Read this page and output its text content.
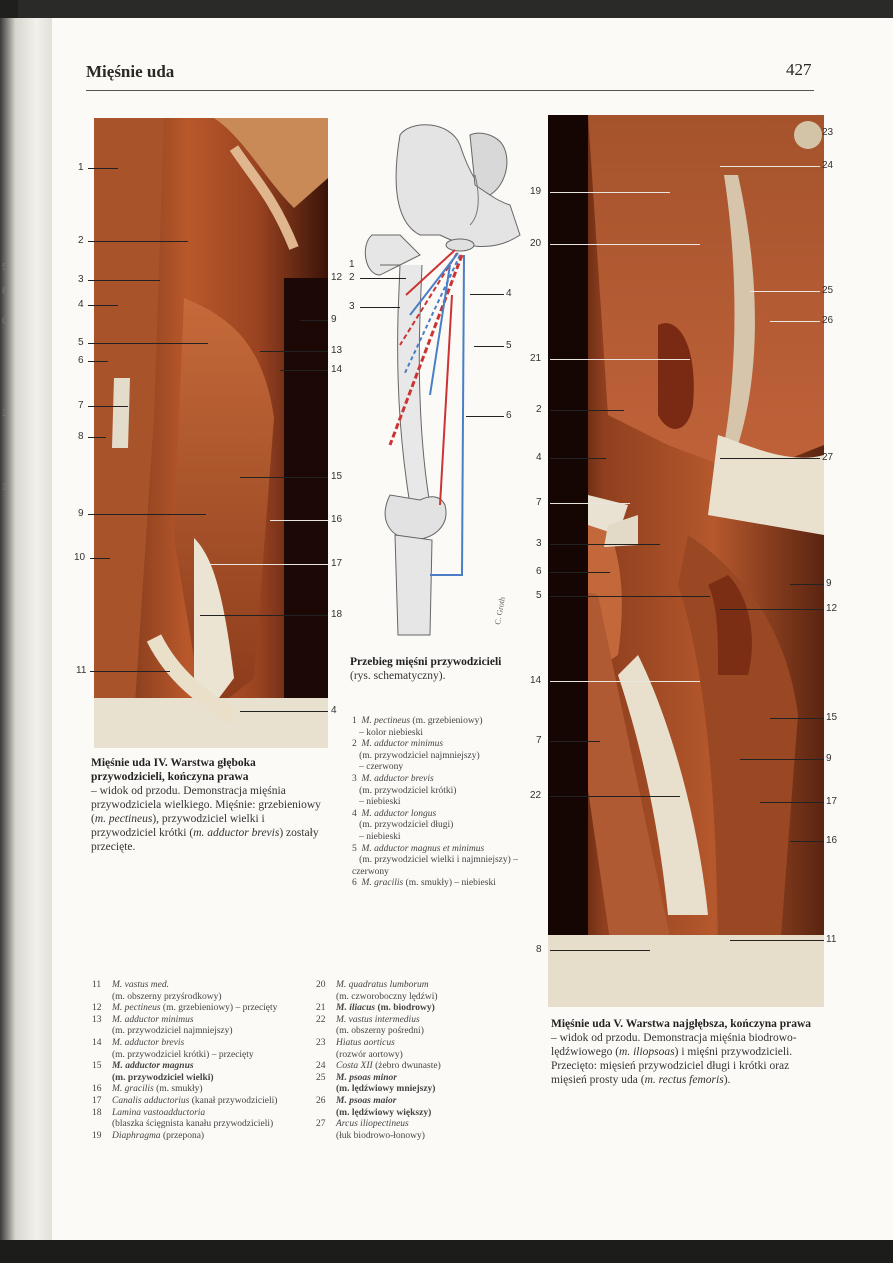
5
6
0
3
1
Mięśnie uda	427
1
2
3
4
5
6
7
8
9
10
11
12
9
13
14
15
16
17
18
4
Mięśnie uda IV. Warstwa głęboka przywodzicieli, kończyna prawa
– widok od przodu. Demonstracja mięśnia przywodziciela wielkiego. Mięśnie: grzebieniowy (m. pectineus), przywodziciel wielki i przywodziciel krótki (m. adductor brevis) zostały przecięte.
C. Groth
1
2
3
4
5
6
Przebieg mięśni przywodzicieli
(rys. schematyczny).
1 M. pectineus (m. grzebieniowy)
– kolor niebieski
2 M. adductor minimus
(m. przywodziciel najmniejszy)
– czerwony
3 M. adductor brevis
(m. przywodziciel krótki)
– niebieski
4 M. adductor longus
(m. przywodziciel długi)
– niebieski
5 M. adductor magnus et minimus
(m. przywodziciel wielki i najmniejszy) – czerwony
6 M. gracilis (m. smukły) – niebieski
19
20
21
2
4
7
3
6
5
14
7
22
8
23
24
25
26
27
9
12
15
9
17
16
11
Mięśnie uda V. Warstwa najgłębsza, kończyna prawa – widok od przodu. Demonstracja mięśnia biodrowo-lędźwiowego (m. iliopsoas) i mięśni przywodzicieli. Przecięto: mięsień przywodziciel długi i krótki oraz mięsień prosty uda (m. rectus femoris).
11	M. vastus med.
(m. obszerny przyśrodkowy)
12	M. pectineus (m. grzebieniowy) – przecięty
13	M. adductor minimus
(m. przywodziciel najmniejszy)
14	M. adductor brevis
(m. przywodziciel krótki) – przecięty
15	M. adductor magnus
(m. przywodziciel wielki)
16	M. gracilis (m. smukły)
17	Canalis adductorius (kanał przywodzicieli)
18	Lamina vastoadductoria
(blaszka ścięgnista kanału przywodzicieli)
19	Diaphragma (przepona)
20	M. quadratus lumborum
(m. czworoboczny lędźwi)
21	M. iliacus (m. biodrowy)
22	M. vastus intermedius
(m. obszerny pośredni)
23	Hiatus aorticus
(rozwór aortowy)
24	Costa XII (żebro dwunaste)
25	M. psoas minor
(m. lędźwiowy mniejszy)
26	M. psoas maior
(m. lędźwiowy większy)
27	Arcus iliopectineus
(łuk biodrowo-łonowy)
